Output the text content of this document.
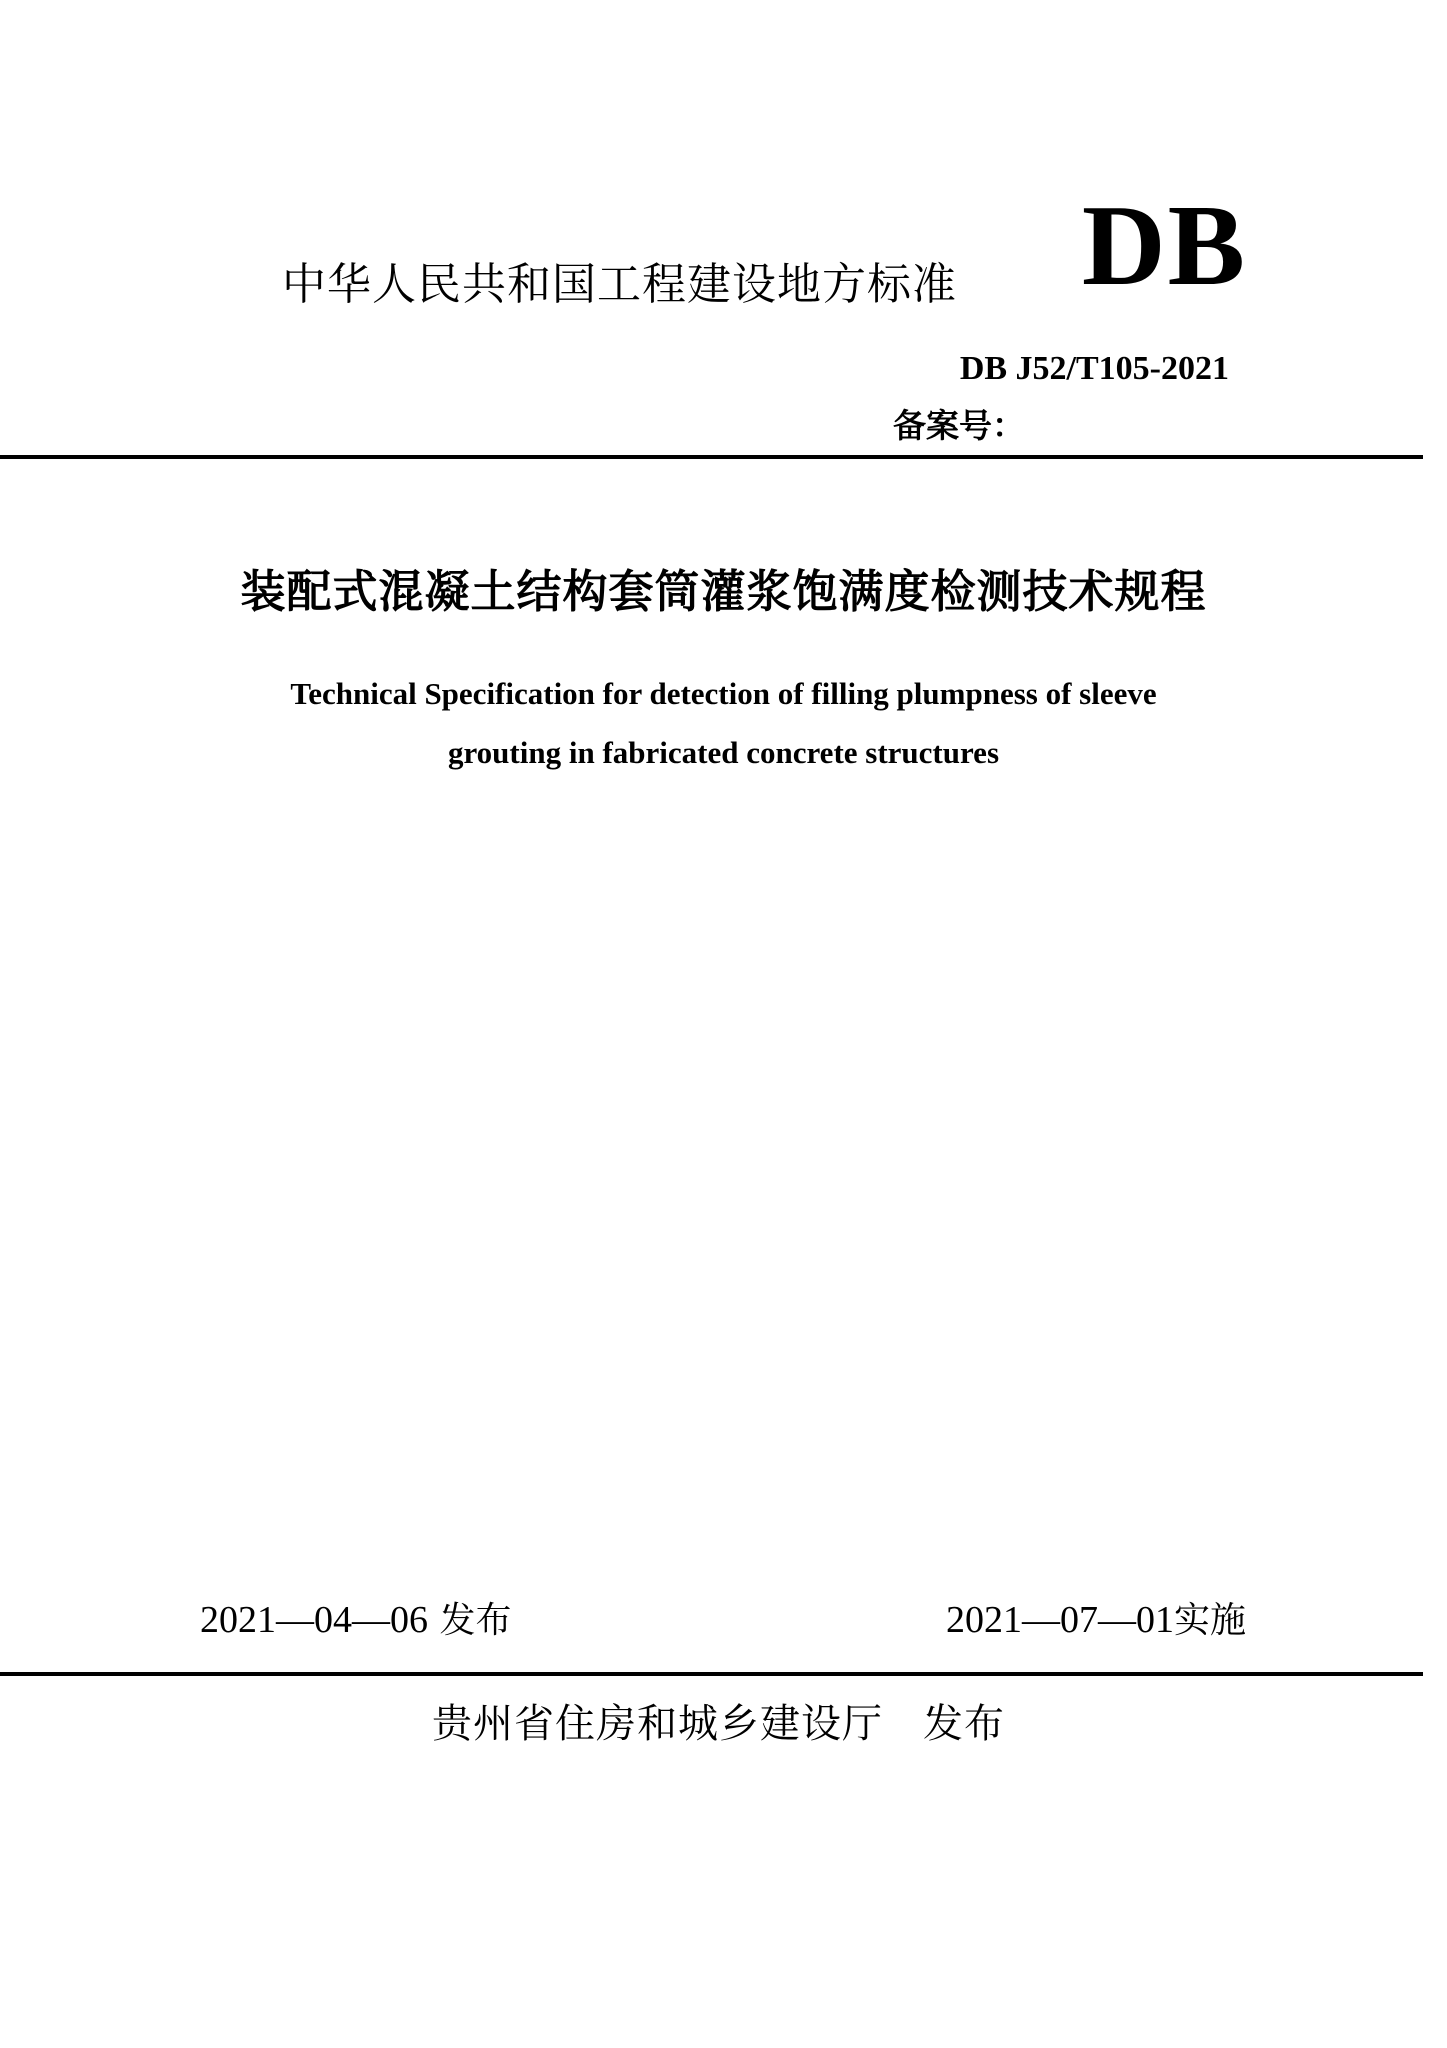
中华人民共和国工程建设地方标准 DB
DB J52/T105-2021
备案号：
装配式混凝土结构套筒灌浆饱满度检测技术规程
Technical Specification for detection of filling plumpness of sleeve
grouting in fabricated concrete structures
2021—04—06 发布	2021—07—01实施
贵州省住房和城乡建设厅 发布
